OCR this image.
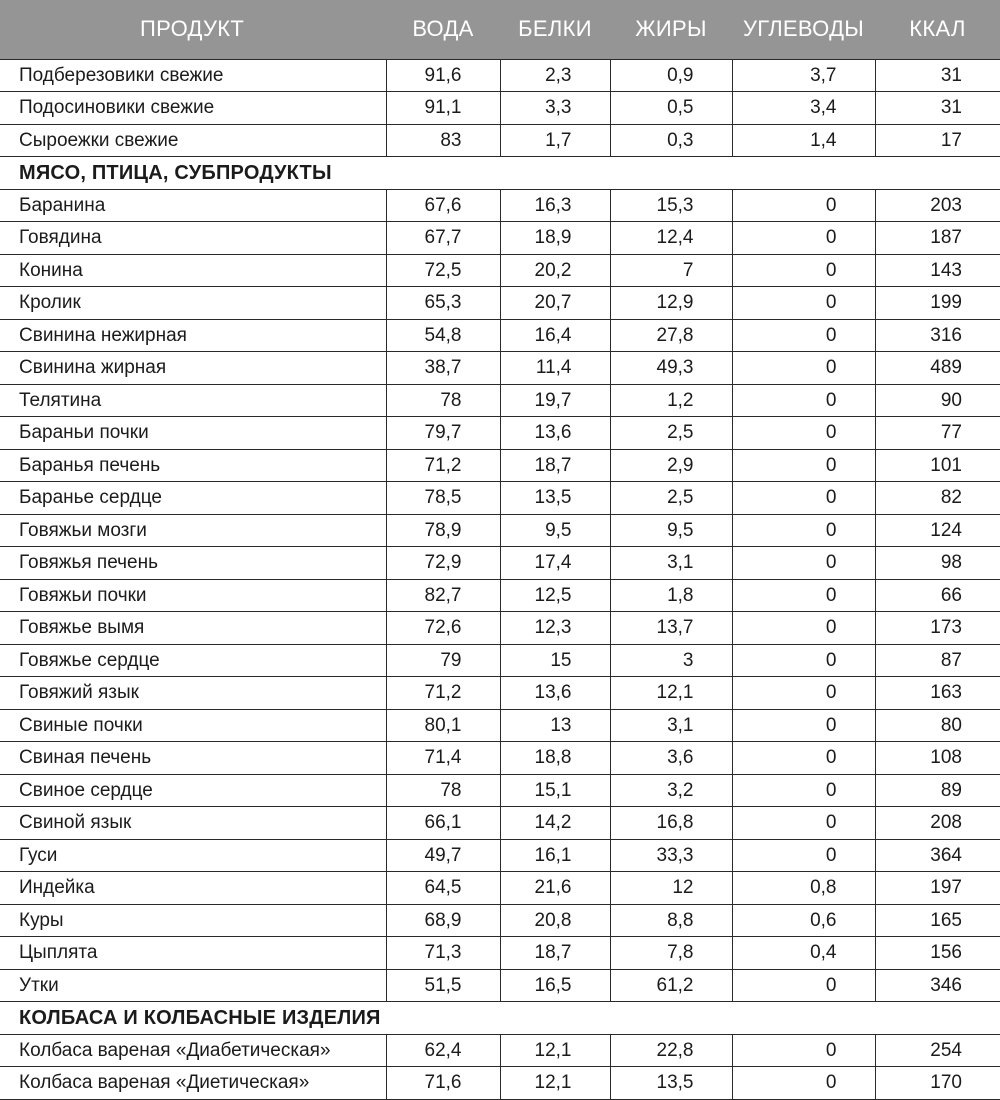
ПРОДУКТ	ВОДА	БЕЛКИ	ЖИРЫ	УГЛЕВОДЫ	ККАЛ
Подберезовики свежие	91,6	2,3	0,9	3,7	31
Подосиновики свежие	91,1	3,3	0,5	3,4	31
Сыроежки свежие	83	1,7	0,3	1,4	17
МЯСО, ПТИЦА, СУБПРОДУКТЫ					
Баранина	67,6	16,3	15,3	0	203
Говядина	67,7	18,9	12,4	0	187
Конина	72,5	20,2	7	0	143
Кролик	65,3	20,7	12,9	0	199
Свинина нежирная	54,8	16,4	27,8	0	316
Свинина жирная	38,7	11,4	49,3	0	489
Телятина	78	19,7	1,2	0	90
Бараньи почки	79,7	13,6	2,5	0	77
Баранья печень	71,2	18,7	2,9	0	101
Баранье сердце	78,5	13,5	2,5	0	82
Говяжьи мозги	78,9	9,5	9,5	0	124
Говяжья печень	72,9	17,4	3,1	0	98
Говяжьи почки	82,7	12,5	1,8	0	66
Говяжье вымя	72,6	12,3	13,7	0	173
Говяжье сердце	79	15	3	0	87
Говяжий язык	71,2	13,6	12,1	0	163
Свиные почки	80,1	13	3,1	0	80
Свиная печень	71,4	18,8	3,6	0	108
Свиное сердце	78	15,1	3,2	0	89
Свиной язык	66,1	14,2	16,8	0	208
Гуси	49,7	16,1	33,3	0	364
Индейка	64,5	21,6	12	0,8	197
Куры	68,9	20,8	8,8	0,6	165
Цыплята	71,3	18,7	7,8	0,4	156
Утки	51,5	16,5	61,2	0	346
КОЛБАСА И КОЛБАСНЫЕ ИЗДЕЛИЯ					
Колбаса вареная «Диабетическая»	62,4	12,1	22,8	0	254
Колбаса вареная «Диетическая»	71,6	12,1	13,5	0	170
